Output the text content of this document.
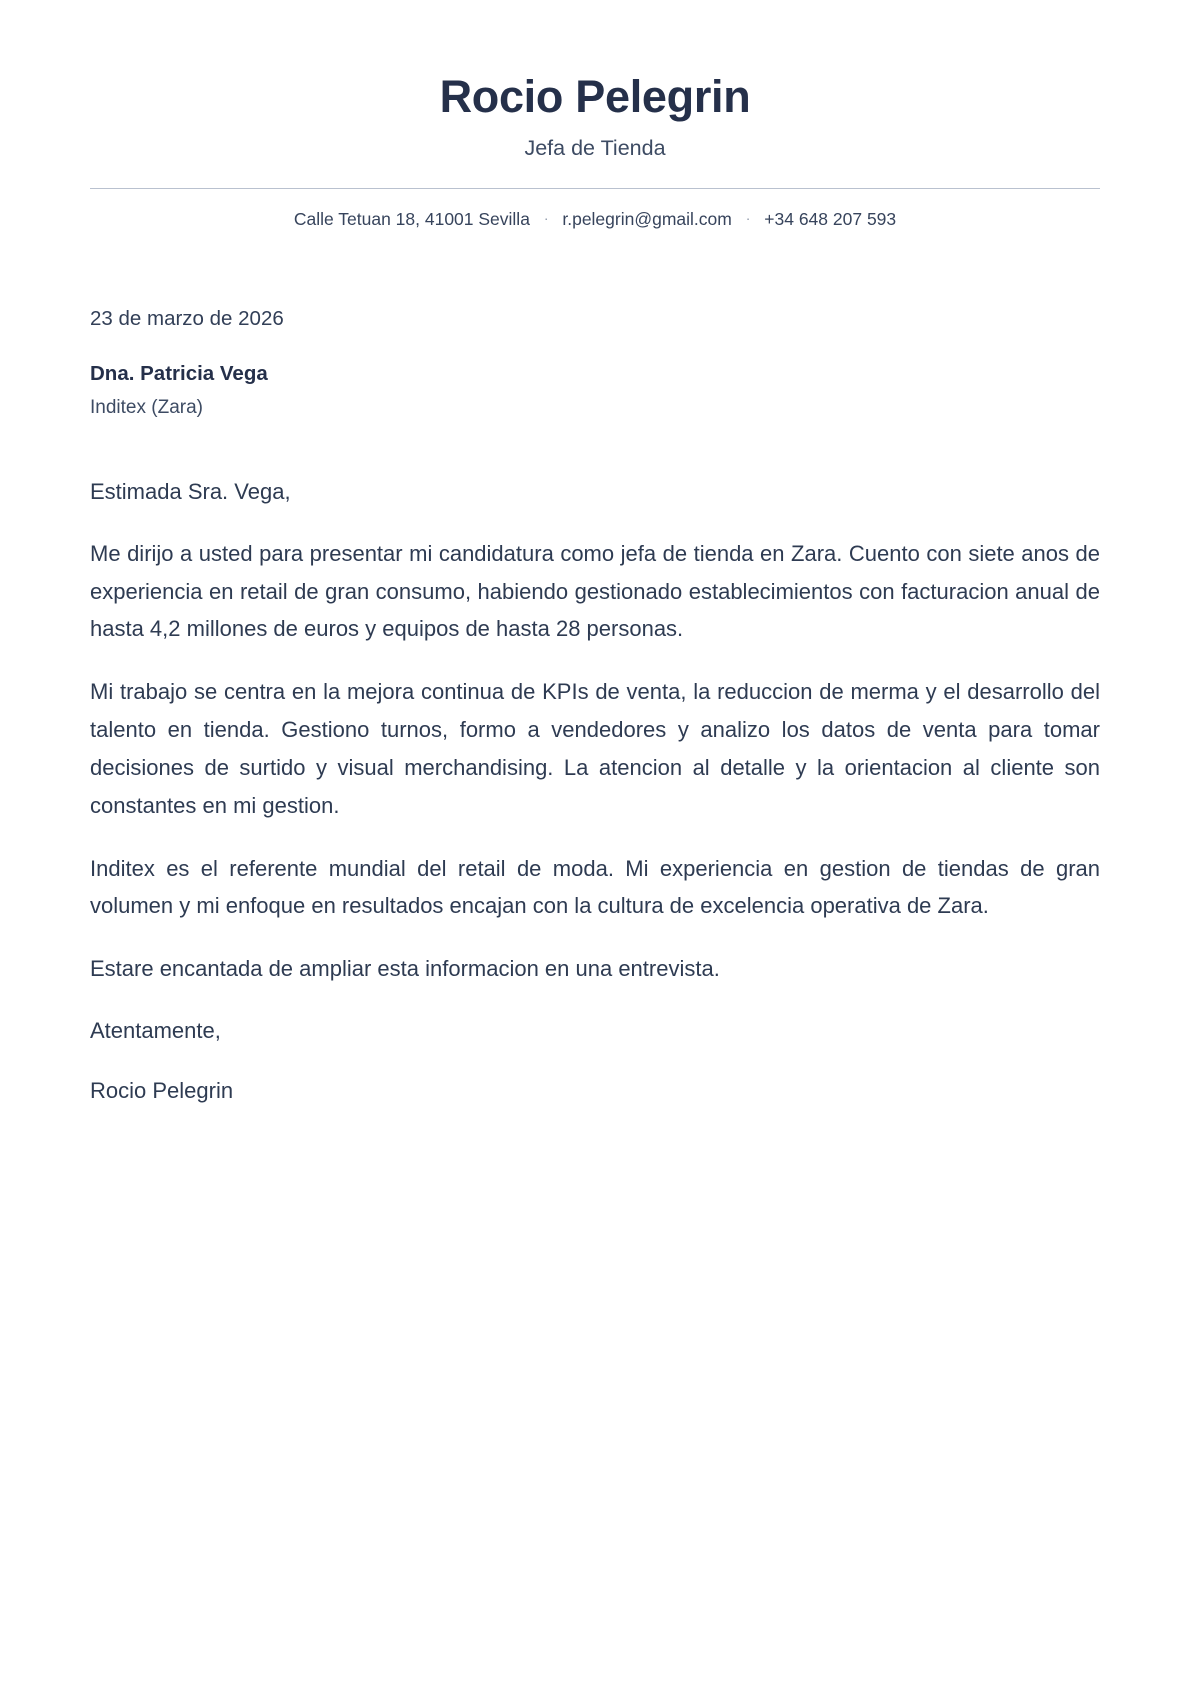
Rocio Pelegrin
Jefa de Tienda
Calle Tetuan 18, 41001 Sevilla · r.pelegrin@gmail.com · +34 648 207 593
23 de marzo de 2026
Dna. Patricia Vega
Inditex (Zara)

Estimada Sra. Vega,

Me dirijo a usted para presentar mi candidatura como jefa de tienda en Zara. Cuento con siete anos de experiencia en retail de gran consumo, habiendo gestionado establecimientos con facturacion anual de hasta 4,2 millones de euros y equipos de hasta 28 personas.

Mi trabajo se centra en la mejora continua de KPIs de venta, la reduccion de merma y el desarrollo del talento en tienda. Gestiono turnos, formo a vendedores y analizo los datos de venta para tomar decisiones de surtido y visual merchandising. La atencion al detalle y la orientacion al cliente son constantes en mi gestion.

Inditex es el referente mundial del retail de moda. Mi experiencia en gestion de tiendas de gran volumen y mi enfoque en resultados encajan con la cultura de excelencia operativa de Zara.

Estare encantada de ampliar esta informacion en una entrevista.

Atentamente,

Rocio Pelegrin
